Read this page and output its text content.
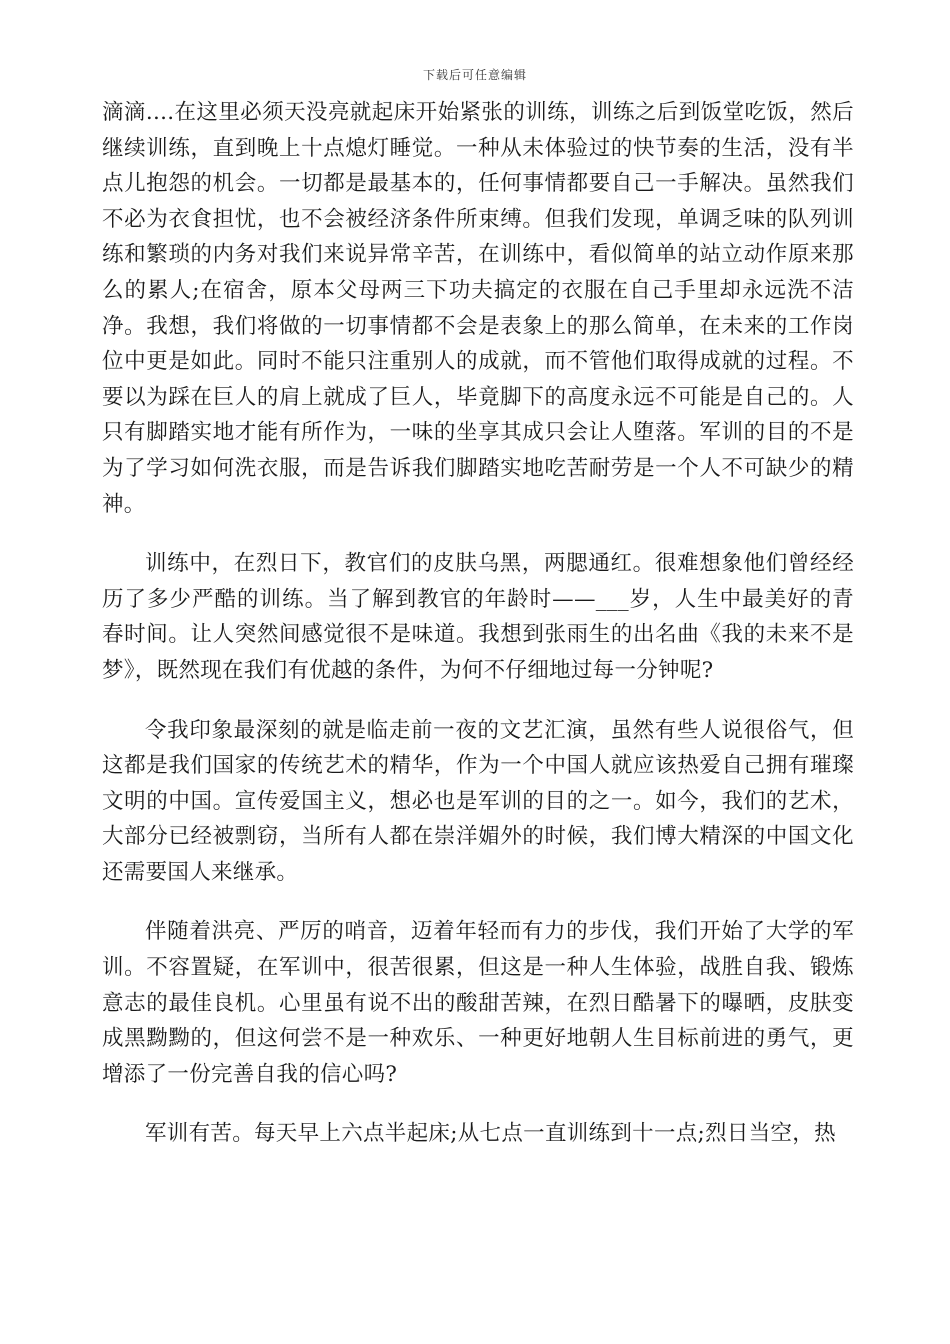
下载后可任意编辑

滴滴....在这里必须天没亮就起床开始紧张的训练，训练之后到饭堂吃饭，然后继续训练，直到晚上十点熄灯睡觉。一种从未体验过的快节奏的生活，没有半点儿抱怨的机会。一切都是最基本的，任何事情都要自己一手解决。虽然我们不必为衣食担忧，也不会被经济条件所束缚。但我们发现，单调乏味的队列训练和繁琐的内务对我们来说异常辛苦，在训练中，看似简单的站立动作原来那么的累人;在宿舍，原本父母两三下功夫搞定的衣服在自己手里却永远洗不洁净。我想，我们将做的一切事情都不会是表象上的那么简单，在未来的工作岗位中更是如此。同时不能只注重别人的成就，而不管他们取得成就的过程。不要以为踩在巨人的肩上就成了巨人，毕竟脚下的高度永远不可能是自己的。人只有脚踏实地才能有所作为，一味的坐享其成只会让人堕落。军训的目的不是为了学习如何洗衣服，而是告诉我们脚踏实地吃苦耐劳是一个人不可缺少的精神。

训练中，在烈日下，教官们的皮肤乌黑，两腮通红。很难想象他们曾经经历了多少严酷的训练。当了解到教官的年龄时——___岁，人生中最美好的青春时间。让人突然间感觉很不是味道。我想到张雨生的出名曲《我的未来不是梦》，既然现在我们有优越的条件，为何不仔细地过每一分钟呢?

令我印象最深刻的就是临走前一夜的文艺汇演，虽然有些人说很俗气，但这都是我们国家的传统艺术的精华，作为一个中国人就应该热爱自己拥有璀璨文明的中国。宣传爱国主义，想必也是军训的目的之一。如今，我们的艺术，大部分已经被剽窃，当所有人都在崇洋媚外的时候，我们博大精深的中国文化还需要国人来继承。

伴随着洪亮、严厉的哨音，迈着年轻而有力的步伐，我们开始了大学的军训。不容置疑，在军训中，很苦很累，但这是一种人生体验，战胜自我、锻炼意志的最佳良机。心里虽有说不出的酸甜苦辣，在烈日酷暑下的曝晒，皮肤变成黑黝黝的，但这何尝不是一种欢乐、一种更好地朝人生目标前进的勇气，更增添了一份完善自我的信心吗?

军训有苦。每天早上六点半起床;从七点一直训练到十一点;烈日当空，热
